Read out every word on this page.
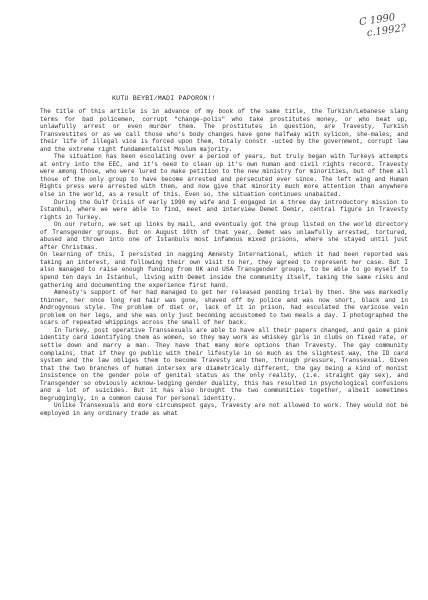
C 1990
c.1992?
KUTU BEYBI/MADI PAPORON!!

The title of this article is in advance of my book of the same title, the Turkish/Lebanese slang terms for bad policemen, corrupt "change-polis" who take prostitutes money, or who beat up, unlawfully arrest or even murder them. The prostitutes in question, are Travesty, Turkish Transvestites or as we call those who's body changes have gone halfway with sylicon, she-males, and their life of illegal vice is forced upon them, totaly constr -ucted by the government, corrupt law and the extreme right fundamentalist Moslum majority.

The situation has been escolating over a period of years, but truly began with Turkeys attempts at entry into the EEC, and it's need to clean up it's own human and civil rights record. Travesty were among those, who were lured to make petition to the new ministry for minorities, but of them all those of the only group to have become arrested and persecuted ever since. The left wing and Human Rights press were arrested with them, and now give that minority much more attention than anywhere else in the world, as a result of this. Even so, the situation continues unabaited.

During the Gulf Crisis of early 1990 my wife and I engaged in a three day introductory mission to Istanbul, where we were able to find, meet and interview Demet Demir, central figure in Travesty rights in Turkey.

On our return, we set up links by mail, and eventualy got the group listed on the world directory of Transgender groups. But on August 10th of that year, Demet was unlawfully arrested, tortured, abused and thrown into one of Istanbuls most infamous mixed prisons, where she stayed until just after Christmas.

On learning of this, I persisted in nagging Amnesty International, which it had been reported was taking an interest, and following their own visit to her, they agreed to represent her case. But I also managed to raise enough funding from UK and USA Transgender groups, to be able to go myself to spend ten days in Istanbul, living with Demet inside the community itself, taking the same risks and gathering and documenting the experience first hand.

Amnesty's support of her had managed to get her released pending trial by then. She was markedly thinner, her once long red hair was gone, shaved off by police and was now short, black and in Androgynous style. The problem of diet or, lack of it in prison, had esculated the varicose vein problem on her legs, and she was only just becoming accustomed to two meals a day. I photographed the scars of repeated whippings across the small of her back.

In Turkey, post operative Transsexuals are able to have all their papers changed, and gain a pink identity card identifying them as women, so they may work as whiskey girls in clubs on fixed rate, or settle down and marry a man. They have that many more options than Travesty. The gay community complains, that if they go public with their lifestyle in so much as the slightest way, the ID card system and the law obliges them to become Travesty and then, through pressure, Transsexual. Given that the two branches of human intersex are diametricaly different, the gay being a kind of monist insistence on the gender pole of genital status as the only reality, (i.e. straight gay sex), and Transgender so obviously acknow-ledging gender duality, this has resulted in psychological confusions and a lot of suicides. But it has also brought the two communities together, albeit sometimes begrudgingly, in a common cause for personal identity.

Unlike Transexuals and more circumspect gays, Travesty are not allowed to work. They would not be employed in any ordinary trade as what
